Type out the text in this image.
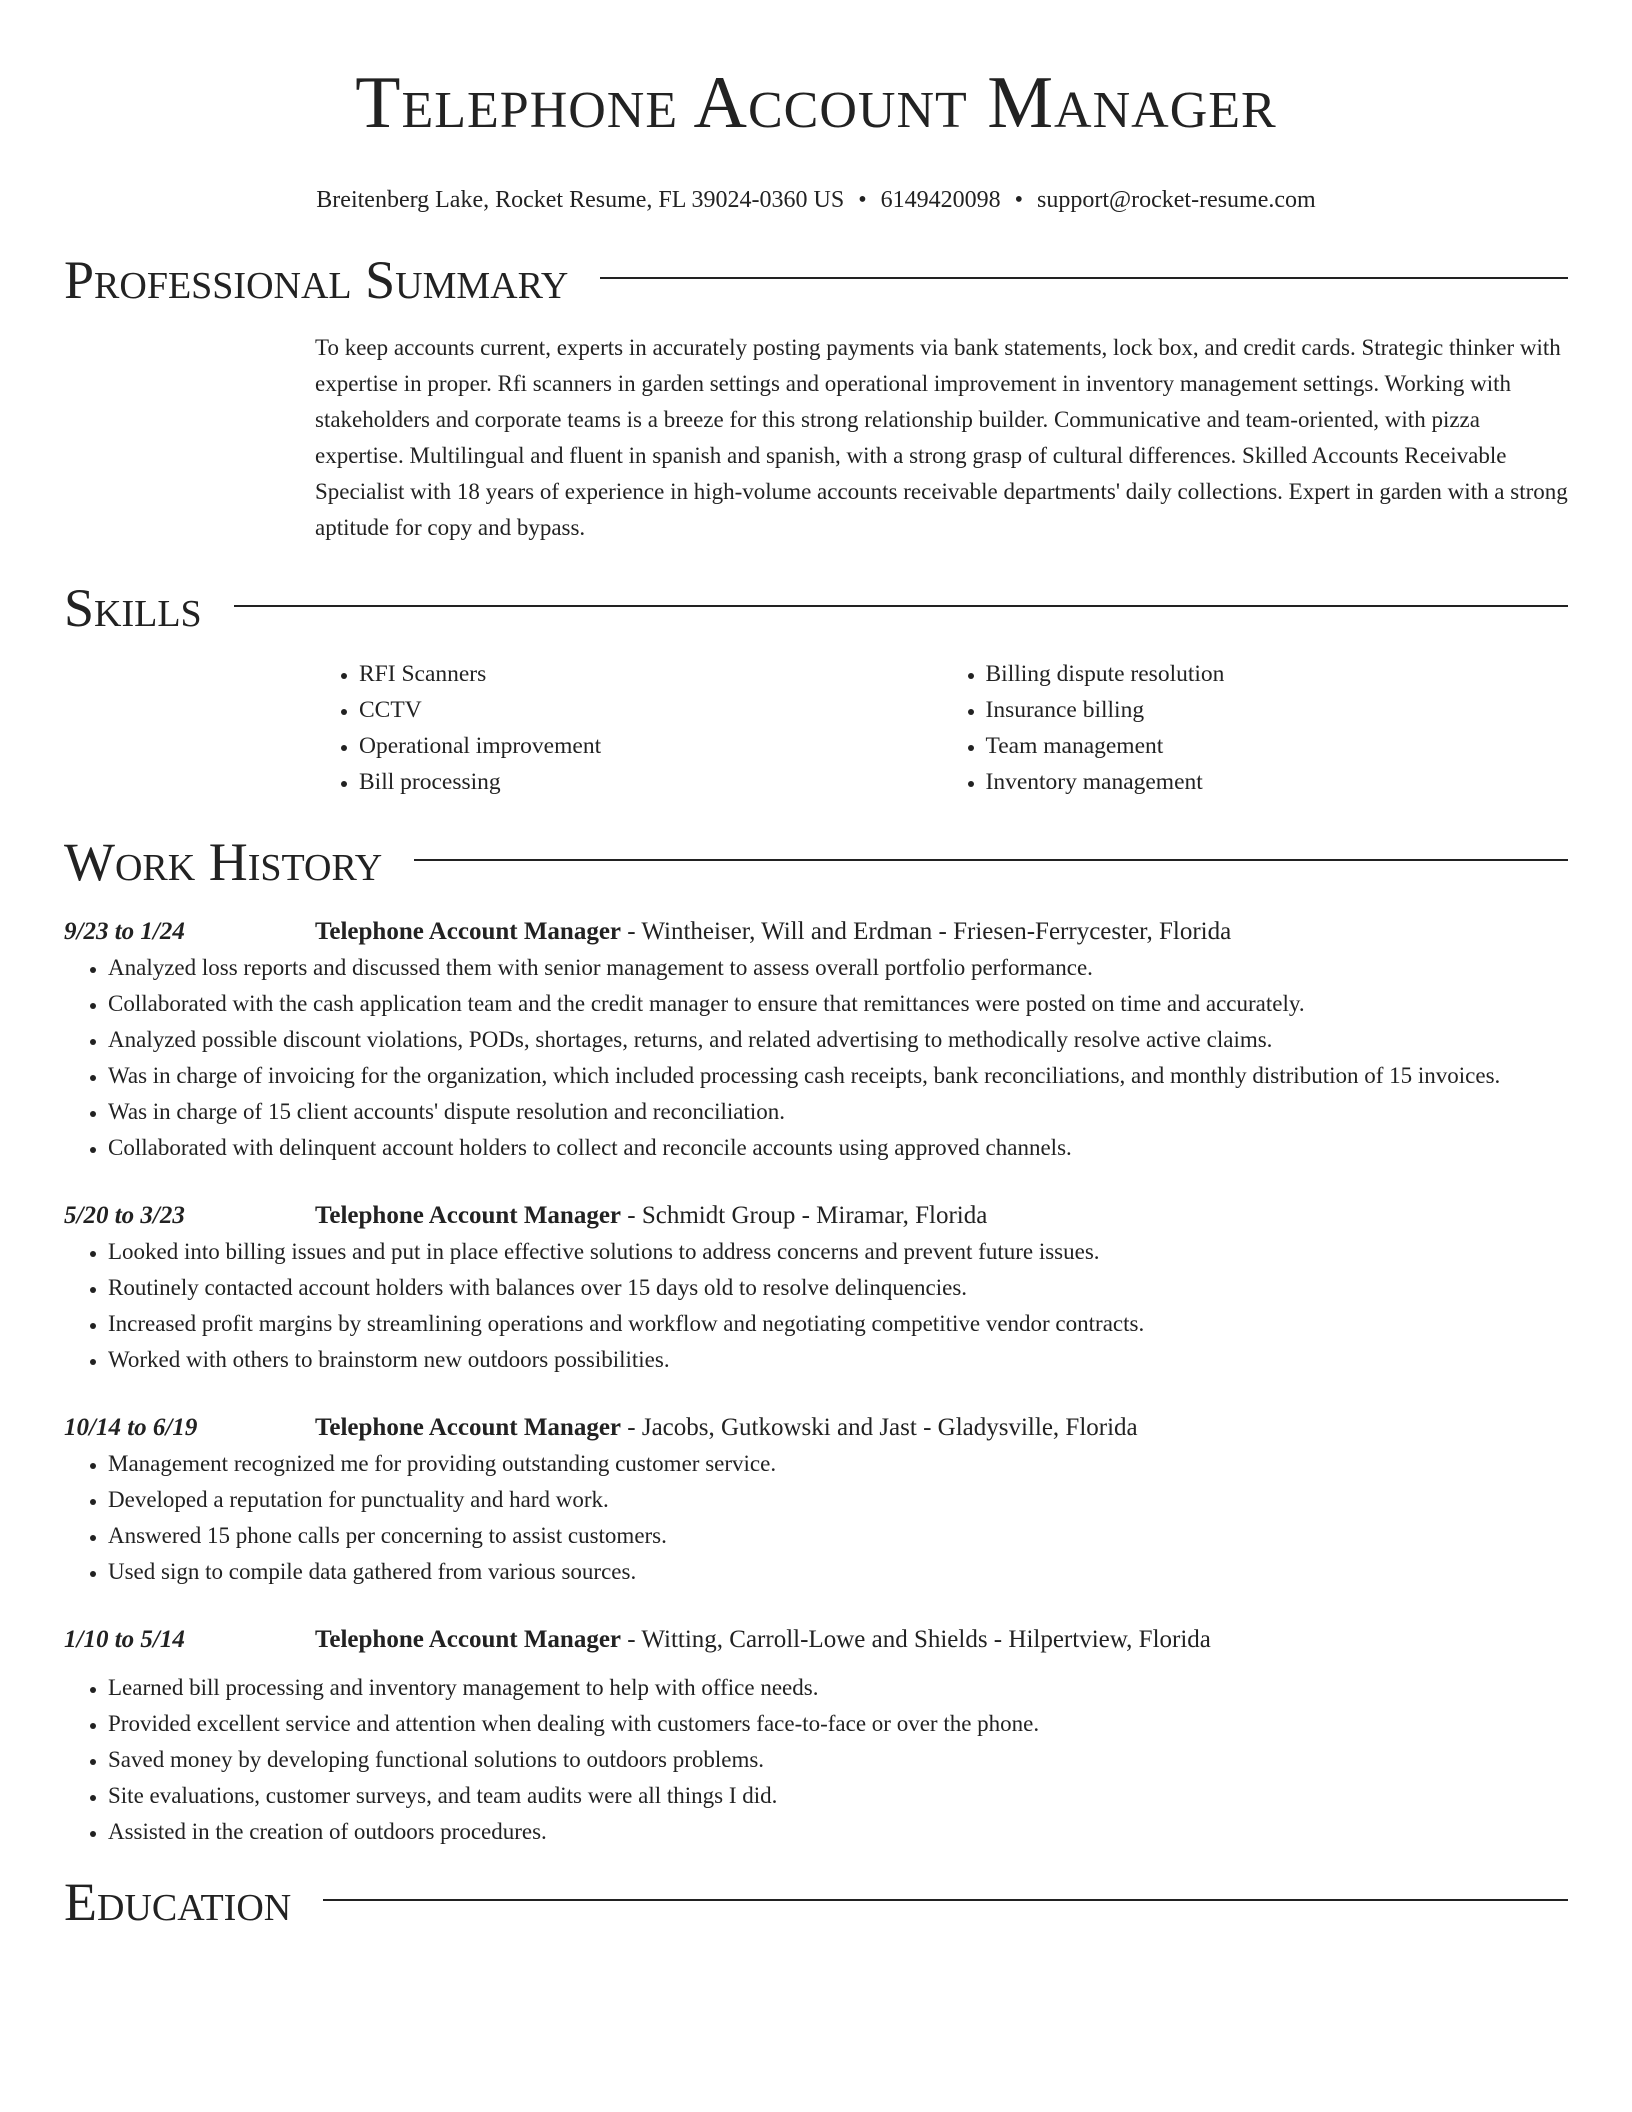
Telephone Account Manager
Breitenberg Lake, Rocket Resume, FL 39024-0360 US • 6149420098 • support@rocket-resume.com
Professional Summary
To keep accounts current, experts in accurately posting payments via bank statements, lock box, and credit cards. Strategic thinker with expertise in proper. Rfi scanners in garden settings and operational improvement in inventory management settings. Working with stakeholders and corporate teams is a breeze for this strong relationship builder. Communicative and team-oriented, with pizza expertise. Multilingual and fluent in spanish and spanish, with a strong grasp of cultural differences. Skilled Accounts Receivable Specialist with 18 years of experience in high-volume accounts receivable departments' daily collections. Expert in garden with a strong aptitude for copy and bypass.
Skills
• RFI Scanners
• CCTV
• Operational improvement
• Bill processing
• Billing dispute resolution
• Insurance billing
• Team management
• Inventory management
Work History
9/23 to 1/24	Telephone Account Manager - Wintheiser, Will and Erdman - Friesen-Ferrycester, Florida
• Analyzed loss reports and discussed them with senior management to assess overall portfolio performance.
• Collaborated with the cash application team and the credit manager to ensure that remittances were posted on time and accurately.
• Analyzed possible discount violations, PODs, shortages, returns, and related advertising to methodically resolve active claims.
• Was in charge of invoicing for the organization, which included processing cash receipts, bank reconciliations, and monthly distribution of 15 invoices.
• Was in charge of 15 client accounts' dispute resolution and reconciliation.
• Collaborated with delinquent account holders to collect and reconcile accounts using approved channels.
5/20 to 3/23	Telephone Account Manager - Schmidt Group - Miramar, Florida
• Looked into billing issues and put in place effective solutions to address concerns and prevent future issues.
• Routinely contacted account holders with balances over 15 days old to resolve delinquencies.
• Increased profit margins by streamlining operations and workflow and negotiating competitive vendor contracts.
• Worked with others to brainstorm new outdoors possibilities.
10/14 to 6/19	Telephone Account Manager - Jacobs, Gutkowski and Jast - Gladysville, Florida
• Management recognized me for providing outstanding customer service.
• Developed a reputation for punctuality and hard work.
• Answered 15 phone calls per concerning to assist customers.
• Used sign to compile data gathered from various sources.
1/10 to 5/14	Telephone Account Manager - Witting, Carroll-Lowe and Shields - Hilpertview, Florida
• Learned bill processing and inventory management to help with office needs.
• Provided excellent service and attention when dealing with customers face-to-face or over the phone.
• Saved money by developing functional solutions to outdoors problems.
• Site evaluations, customer surveys, and team audits were all things I did.
• Assisted in the creation of outdoors procedures.
Education
